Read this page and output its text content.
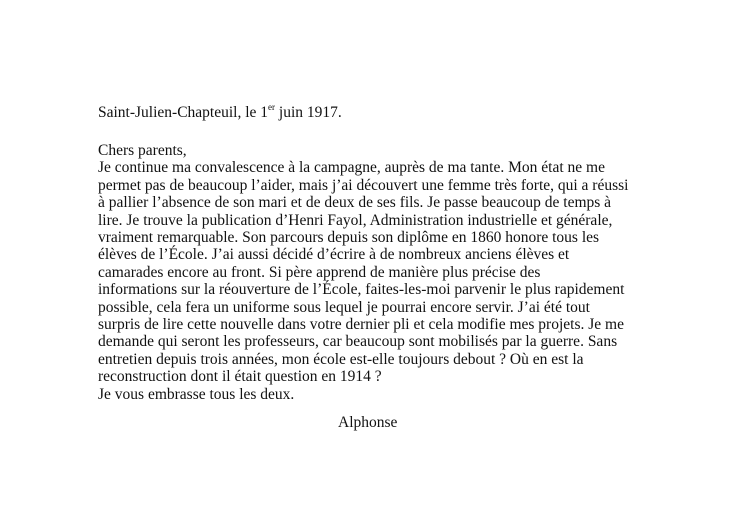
Saint-Julien-Chapteuil, le 1er juin 1917.
Chers parents,
Je continue ma convalescence à la campagne, auprès de ma tante. Mon état ne me
permet pas de beaucoup l’aider, mais j’ai découvert une femme très forte, qui a réussi
à pallier l’absence de son mari et de deux de ses fils. Je passe beaucoup de temps à
lire. Je trouve la publication d’Henri Fayol, Administration industrielle et générale,
vraiment remarquable. Son parcours depuis son diplôme en 1860 honore tous les
élèves de l’École. J’ai aussi décidé d’écrire à de nombreux anciens élèves et
camarades encore au front. Si père apprend de manière plus précise des
informations sur la réouverture de l’École, faites-les-moi parvenir le plus rapidement
possible, cela fera un uniforme sous lequel je pourrai encore servir. J’ai été tout
surpris de lire cette nouvelle dans votre dernier pli et cela modifie mes projets. Je me
demande qui seront les professeurs, car beaucoup sont mobilisés par la guerre. Sans
entretien depuis trois années, mon école est-elle toujours debout ? Où en est la
reconstruction dont il était question en 1914 ?
Je vous embrasse tous les deux.
Alphonse
